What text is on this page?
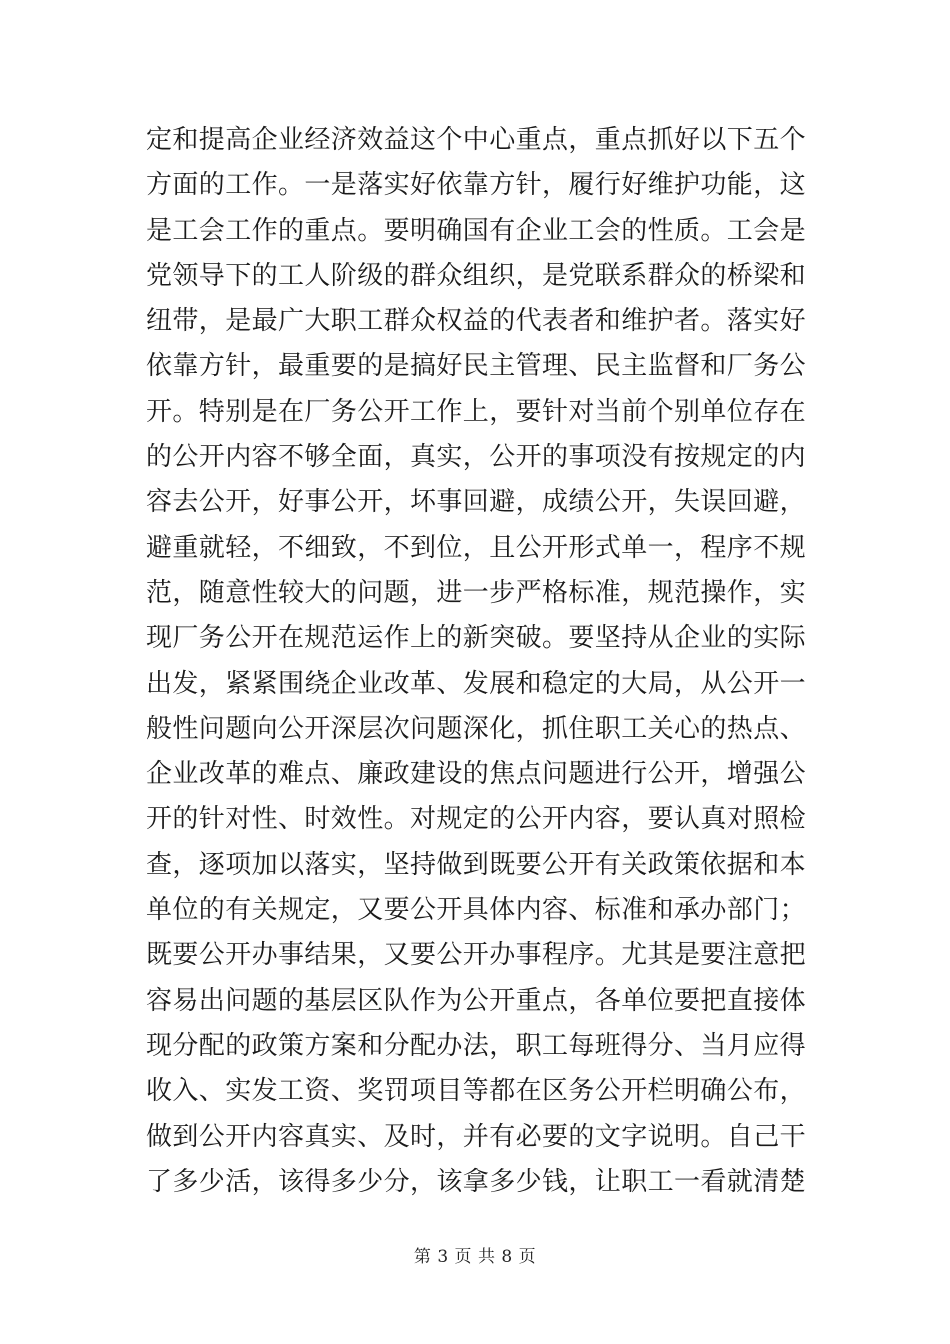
定和提高企业经济效益这个中心重点，重点抓好以下五个
方面的工作。一是落实好依靠方针，履行好维护功能，这
是工会工作的重点。要明确国有企业工会的性质。工会是
党领导下的工人阶级的群众组织，是党联系群众的桥梁和
纽带，是最广大职工群众权益的代表者和维护者。落实好
依靠方针，最重要的是搞好民主管理、民主监督和厂务公
开。特别是在厂务公开工作上，要针对当前个别单位存在
的公开内容不够全面，真实，公开的事项没有按规定的内
容去公开，好事公开，坏事回避，成绩公开，失误回避，
避重就轻，不细致，不到位，且公开形式单一，程序不规
范，随意性较大的问题，进一步严格标准，规范操作，实
现厂务公开在规范运作上的新突破。要坚持从企业的实际
出发，紧紧围绕企业改革、发展和稳定的大局，从公开一
般性问题向公开深层次问题深化，抓住职工关心的热点、
企业改革的难点、廉政建设的焦点问题进行公开，增强公
开的针对性、时效性。对规定的公开内容，要认真对照检
查，逐项加以落实，坚持做到既要公开有关政策依据和本
单位的有关规定，又要公开具体内容、标准和承办部门；
既要公开办事结果，又要公开办事程序。尤其是要注意把
容易出问题的基层区队作为公开重点，各单位要把直接体
现分配的政策方案和分配办法，职工每班得分、当月应得
收入、实发工资、奖罚项目等都在区务公开栏明确公布，
做到公开内容真实、及时，并有必要的文字说明。自己干
了多少活，该得多少分，该拿多少钱，让职工一看就清楚
第 3 页 共 8 页
